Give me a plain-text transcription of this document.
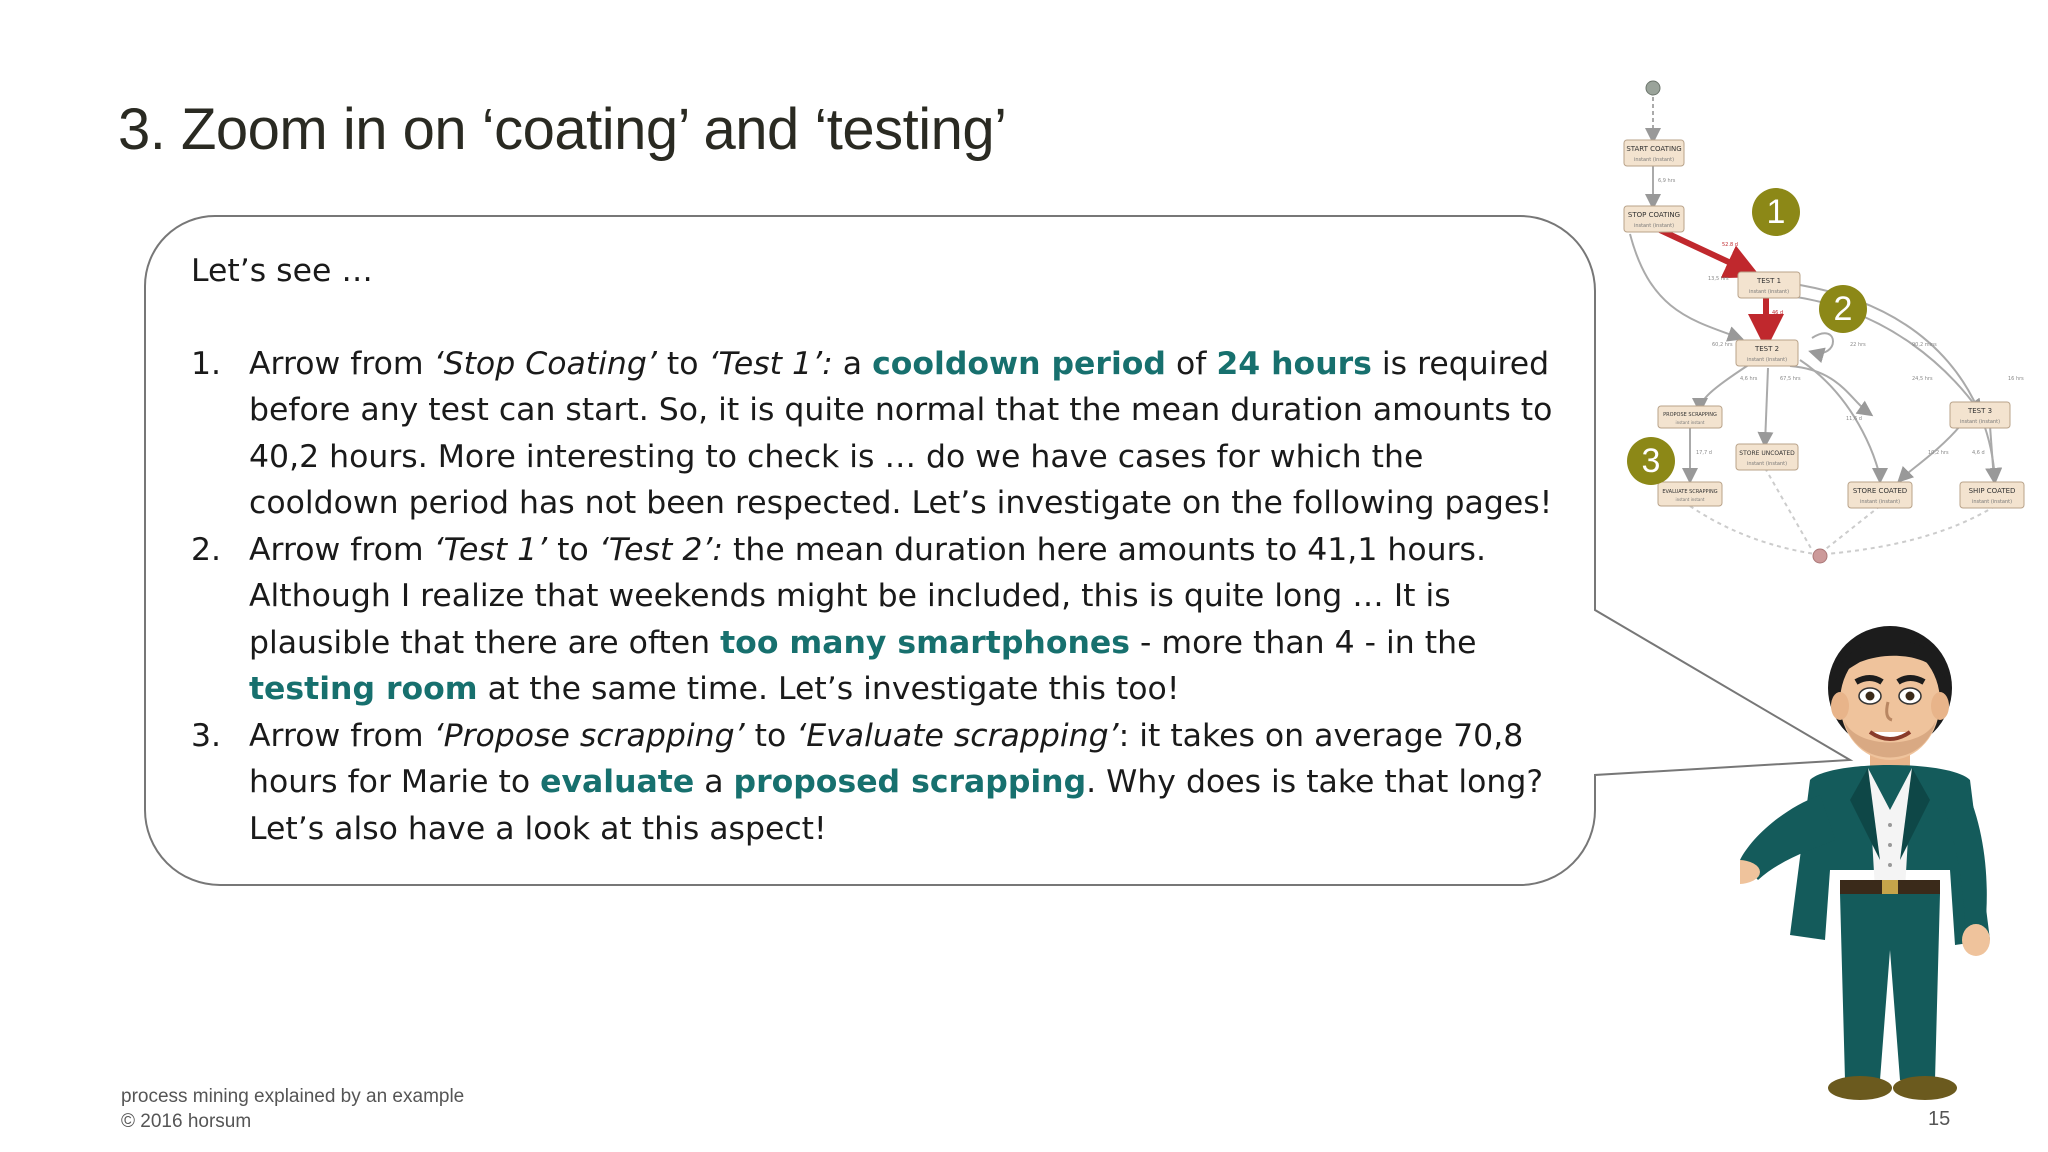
3. Zoom in on ‘coating’ and ‘testing’
Let’s see …
1. Arrow from ‘Stop Coating’ to ‘Test 1’: a cooldown period of 24 hours is required before any test can start. So, it is quite normal that the mean duration amounts to 40,2 hours. More interesting to check is … do we have cases for which the cooldown period has not been respected. Let’s investigate on the following pages!
2. Arrow from ‘Test 1’ to ‘Test 2’: the mean duration here amounts to 41,1 hours. Although I realize that weekends might be included, this is quite long … It is plausible that there are often too many smartphones - more than 4 - in the testing room at the same time. Let’s investigate this too!
3. Arrow from ‘Propose scrapping’ to ‘Evaluate scrapping’: it takes on average 70,8 hours for Marie to evaluate a proposed scrapping. Why does is take that long? Let’s also have a look at this aspect!
START COATING
instant (instant)
STOP COATING
instant (instant)
TEST 1
instant (instant)
TEST 2
instant (instant)
TEST 3
instant (instant)
PROPOSE SCRAPPING
instant instant
STORE UNCOATED
instant (instant)
EVALUATE SCRAPPING
instant instant
STORE COATED
instant (instant)
SHIP COATED
instant (instant)
6,9 hrs
52.8 d
13,5 hrs
46 d
60,2 hrs	22 hrs	90,2 mins
16 hrs
4,6 hrs	67,5 hrs	24,5 hrs
11,6 d
17,7 d	10,2 hrs	4,6 d
1
2
3
process mining explained by an example
© 2016 horsum	15
